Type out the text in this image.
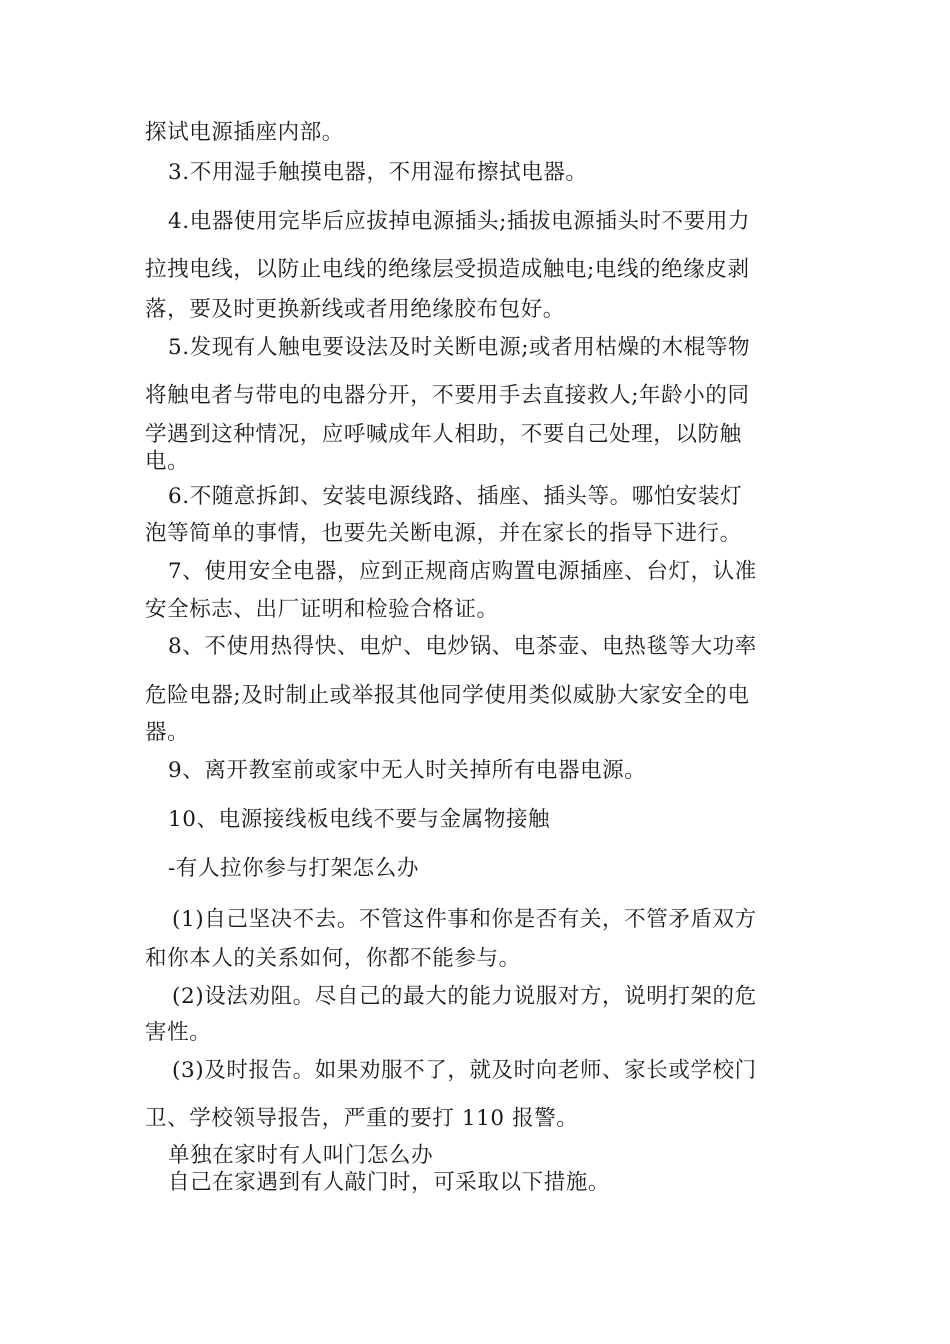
探试电源插座内部。
3.不用湿手触摸电器，不用湿布擦拭电器。
4.电器使用完毕后应拔掉电源插头;插拔电源插头时不要用力
拉拽电线，以防止电线的绝缘层受损造成触电;电线的绝缘皮剥
落，要及时更换新线或者用绝缘胶布包好。
5.发现有人触电要设法及时关断电源;或者用枯燥的木棍等物
将触电者与带电的电器分开，不要用手去直接救人;年龄小的同
学遇到这种情况，应呼喊成年人相助，不要自己处理，以防触
电。
6.不随意拆卸、安装电源线路、插座、插头等。哪怕安装灯
泡等简单的事情，也要先关断电源，并在家长的指导下进行。
7、使用安全电器，应到正规商店购置电源插座、台灯，认准
安全标志、出厂证明和检验合格证。
8、不使用热得快、电炉、电炒锅、电茶壶、电热毯等大功率
危险电器;及时制止或举报其他同学使用类似威胁大家安全的电
器。
9、离开教室前或家中无人时关掉所有电器电源。
10、电源接线板电线不要与金属物接触
-有人拉你参与打架怎么办
(1)自己坚决不去。不管这件事和你是否有关，不管矛盾双方
和你本人的关系如何，你都不能参与。
(2)设法劝阻。尽自己的最大的能力说服对方，说明打架的危
害性。
(3)及时报告。如果劝服不了，就及时向老师、家长或学校门
卫、学校领导报告，严重的要打 110 报警。
单独在家时有人叫门怎么办
自己在家遇到有人敲门时，可采取以下措施。
